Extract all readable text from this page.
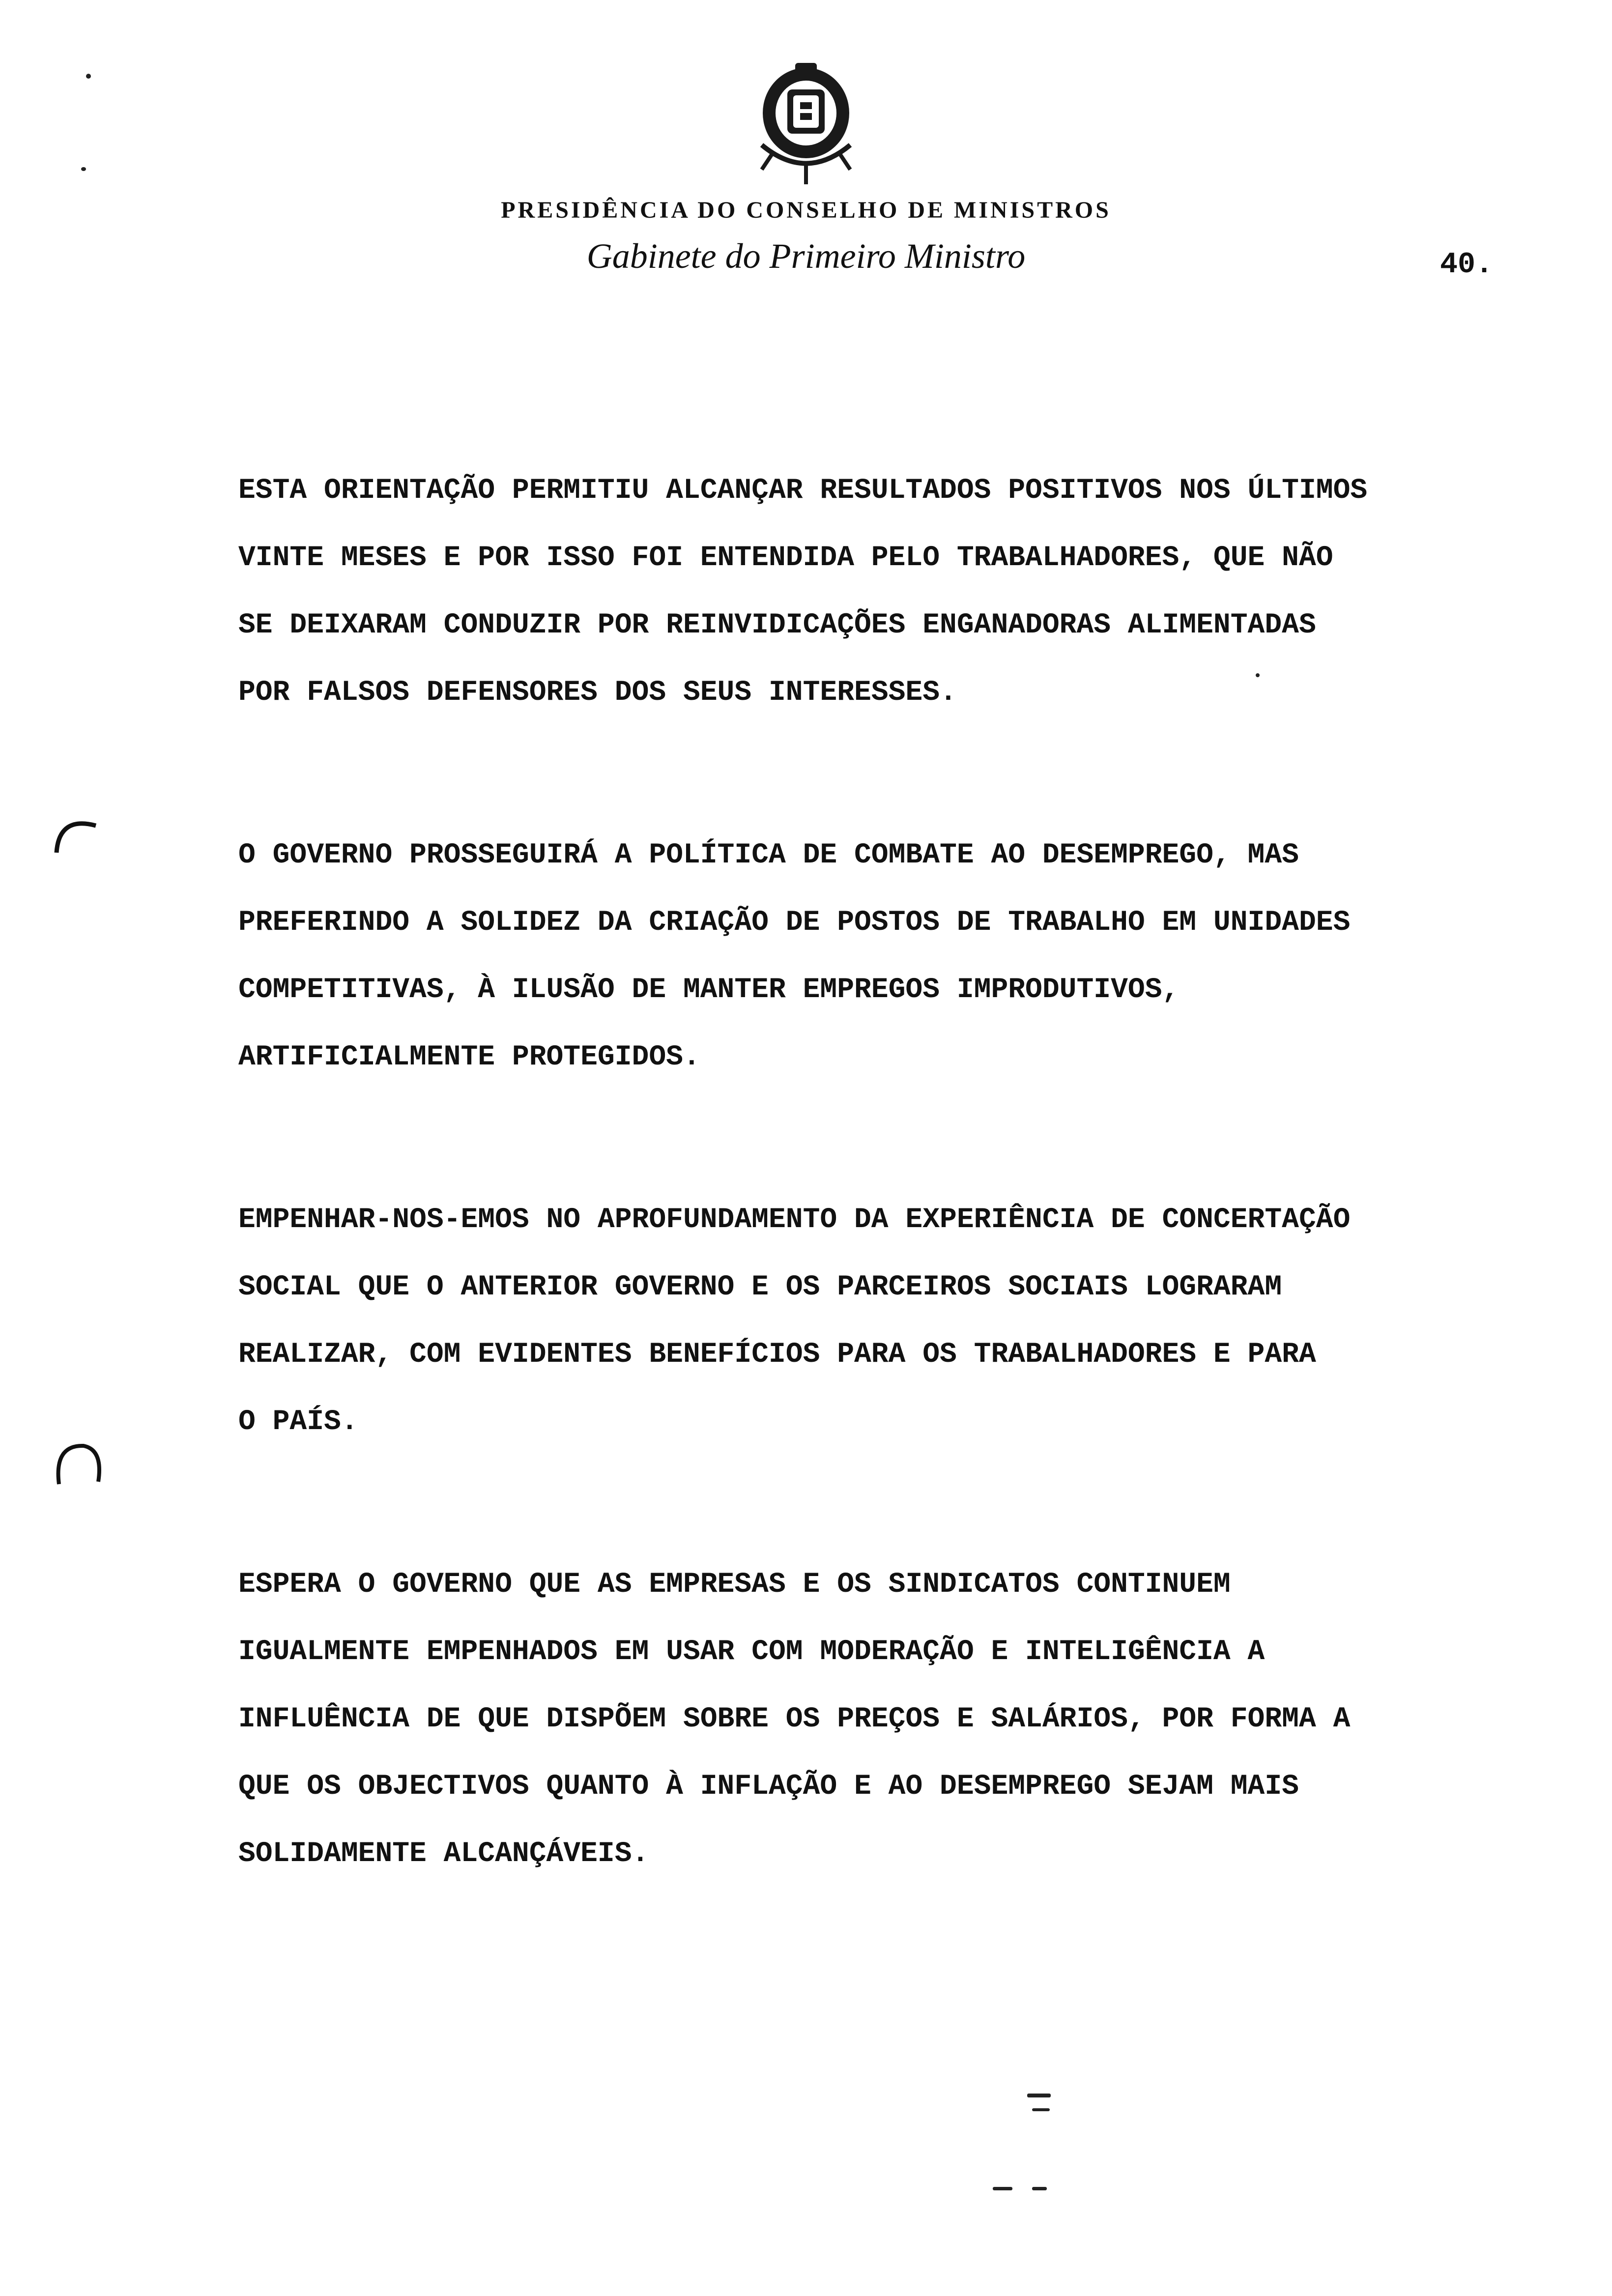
PRESIDÊNCIA DO CONSELHO DE MINISTROS
Gabinete do Primeiro Ministro	40.
ESTA ORIENTAÇÃO PERMITIU ALCANÇAR RESULTADOS POSITIVOS NOS ÚLTIMOS
VINTE MESES E POR ISSO FOI ENTENDIDA PELO TRABALHADORES, QUE NÃO
SE DEIXARAM CONDUZIR POR REINVIDICAÇÕES ENGANADORAS ALIMENTADAS
POR FALSOS DEFENSORES DOS SEUS INTERESSES.
O GOVERNO PROSSEGUIRÁ A POLÍTICA DE COMBATE AO DESEMPREGO, MAS
PREFERINDO A SOLIDEZ DA CRIAÇÃO DE POSTOS DE TRABALHO EM UNIDADES
COMPETITIVAS, À ILUSÃO DE MANTER EMPREGOS IMPRODUTIVOS,
ARTIFICIALMENTE PROTEGIDOS.
EMPENHAR-NOS-EMOS NO APROFUNDAMENTO DA EXPERIÊNCIA DE CONCERTAÇÃO
SOCIAL QUE O ANTERIOR GOVERNO E OS PARCEIROS SOCIAIS LOGRARAM
REALIZAR, COM EVIDENTES BENEFÍCIOS PARA OS TRABALHADORES E PARA
O PAÍS.
ESPERA O GOVERNO QUE AS EMPRESAS E OS SINDICATOS CONTINUEM
IGUALMENTE EMPENHADOS EM USAR COM MODERAÇÃO E INTELIGÊNCIA A
INFLUÊNCIA DE QUE DISPÕEM SOBRE OS PREÇOS E SALÁRIOS, POR FORMA A
QUE OS OBJECTIVOS QUANTO À INFLAÇÃO E AO DESEMPREGO SEJAM MAIS
SOLIDAMENTE ALCANÇÁVEIS.
